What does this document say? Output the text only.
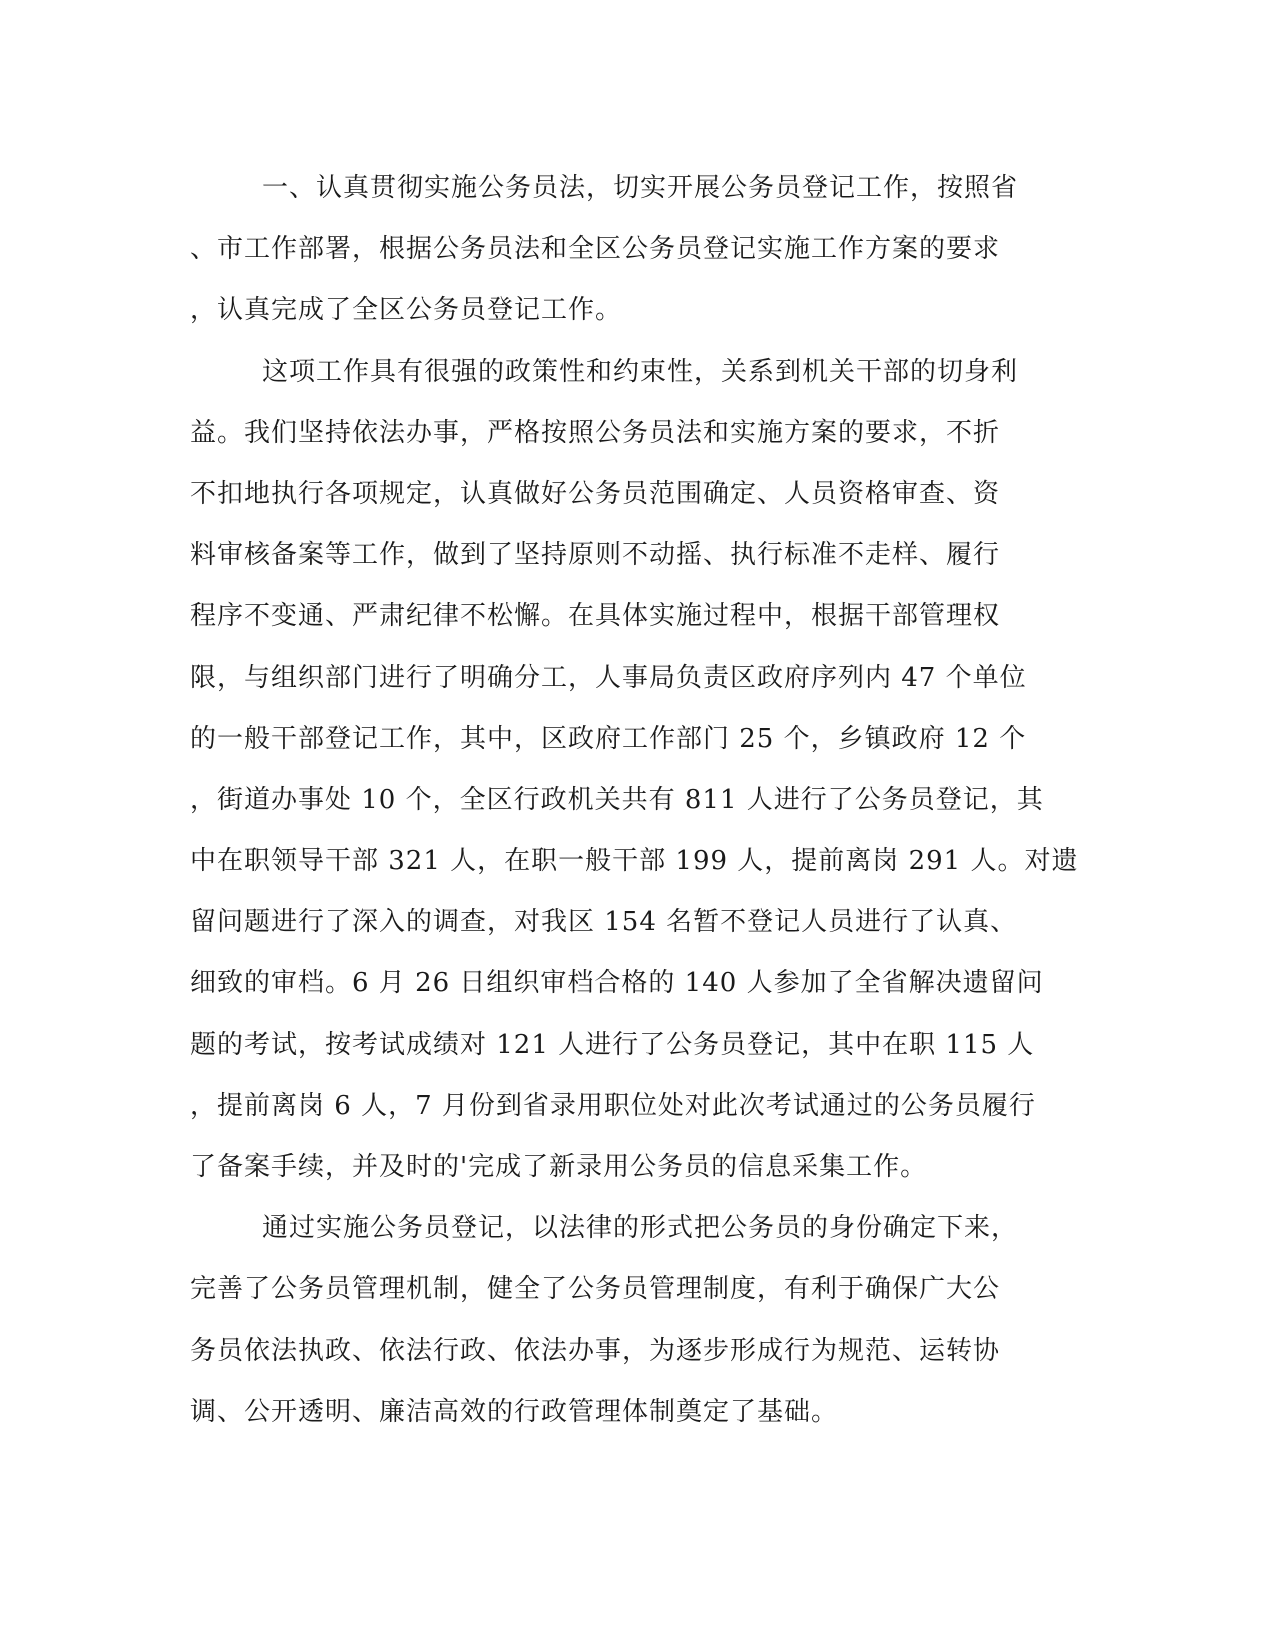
一、认真贯彻实施公务员法，切实开展公务员登记工作，按照省
、市工作部署，根据公务员法和全区公务员登记实施工作方案的要求
，认真完成了全区公务员登记工作。
这项工作具有很强的政策性和约束性，关系到机关干部的切身利
益。我们坚持依法办事，严格按照公务员法和实施方案的要求，不折
不扣地执行各项规定，认真做好公务员范围确定、人员资格审查、资
料审核备案等工作，做到了坚持原则不动摇、执行标准不走样、履行
程序不变通、严肃纪律不松懈。在具体实施过程中，根据干部管理权
限，与组织部门进行了明确分工，人事局负责区政府序列内 47 个单位
的一般干部登记工作，其中，区政府工作部门 25 个，乡镇政府 12 个
，街道办事处 10 个，全区行政机关共有 811 人进行了公务员登记，其
中在职领导干部 321 人，在职一般干部 199 人，提前离岗 291 人。对遗
留问题进行了深入的调查，对我区 154 名暂不登记人员进行了认真、
细致的审档。6 月 26 日组织审档合格的 140 人参加了全省解决遗留问
题的考试，按考试成绩对 121 人进行了公务员登记，其中在职 115 人
，提前离岗 6 人，7 月份到省录用职位处对此次考试通过的公务员履行
了备案手续，并及时的'完成了新录用公务员的信息采集工作。
通过实施公务员登记，以法律的形式把公务员的身份确定下来，
完善了公务员管理机制，健全了公务员管理制度，有利于确保广大公
务员依法执政、依法行政、依法办事，为逐步形成行为规范、运转协
调、公开透明、廉洁高效的行政管理体制奠定了基础。
